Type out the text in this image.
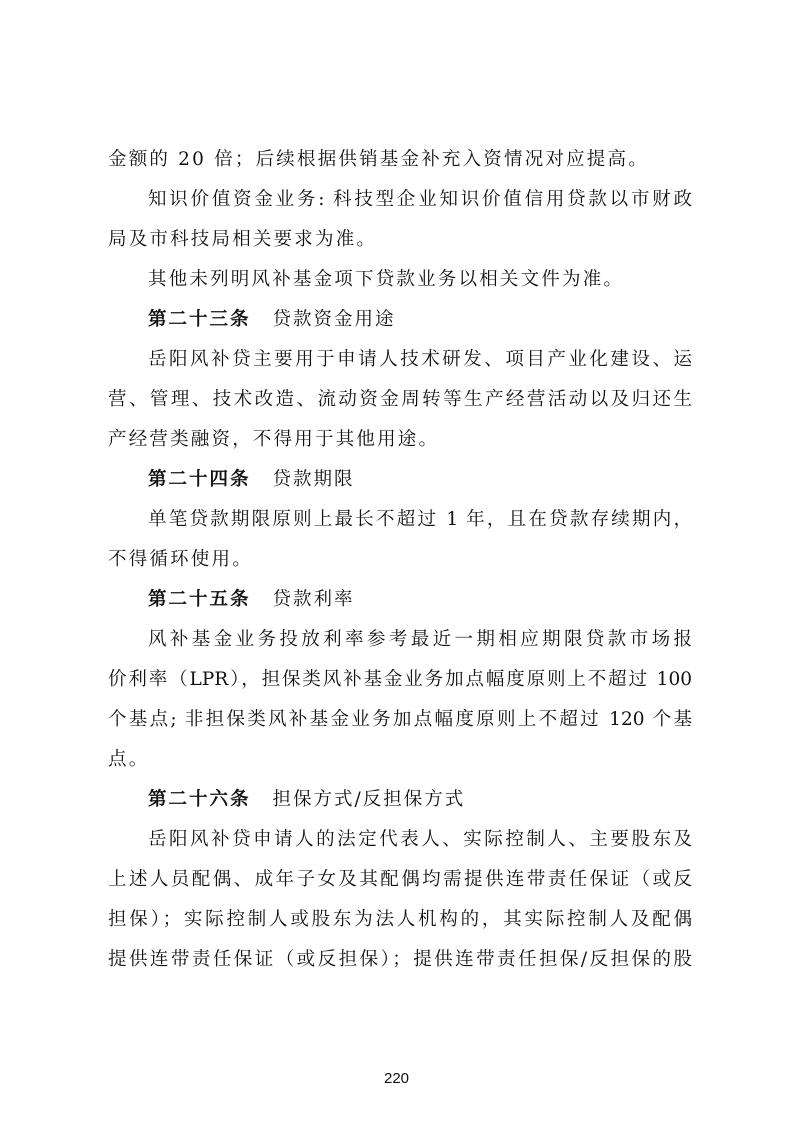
金额的 20 倍；后续根据供销基金补充入资情况对应提高。
知识价值资金业务: 科技型企业知识价值信用贷款以市财政
局及市科技局相关要求为准。
其他未列明风补基金项下贷款业务以相关文件为准。
第二十三条 贷款资金用途
岳阳风补贷主要用于申请人技术研发、项目产业化建设、运
营、管理、技术改造、流动资金周转等生产经营活动以及归还生
产经营类融资，不得用于其他用途。
第二十四条 贷款期限
单笔贷款期限原则上最长不超过 1 年，且在贷款存续期内，
不得循环使用。
第二十五条 贷款利率
风补基金业务投放利率参考最近一期相应期限贷款市场报
价利率（LPR），担保类风补基金业务加点幅度原则上不超过 100
个基点; 非担保类风补基金业务加点幅度原则上不超过 120 个基
点。
第二十六条 担保方式/反担保方式
岳阳风补贷申请人的法定代表人、实际控制人、主要股东及
上述人员配偶、成年子女及其配偶均需提供连带责任保证（或反
担保）；实际控制人或股东为法人机构的，其实际控制人及配偶
提供连带责任保证（或反担保）；提供连带责任担保/反担保的股
220
